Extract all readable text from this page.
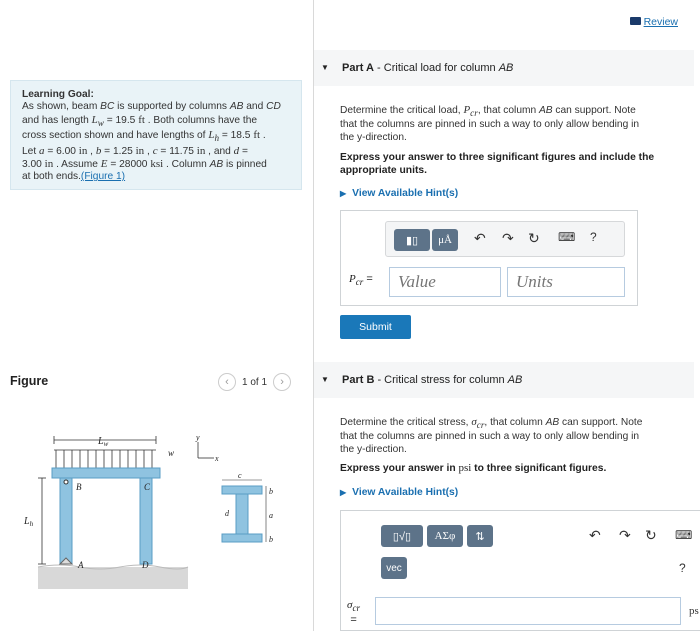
Learning Goal:
As shown, beam BC is supported by columns AB and CD
and has length $L_w = 19.5$ ft . Both columns have the
cross section shown and have lengths of $L_h = 18.5$ ft .
Let a = 6.00 in , b = 1.25 in , c = 11.75 in , and d =
3.00 in . Assume E = 28000 ksi . Column AB is pinned
at both ends.(Figure 1)
Figure	‹ 1 of 1 ›
$L_w$
w
B	C
A	D
$L_h$
y
x
c
d
b
a
b
Review
▼ Part A - Critical load for column AB
Determine the critical load, $P_{cr}$, that column AB can support. Note
that the columns are pinned in such a way to only allow bending in
the y-direction.
Express your answer to three significant figures and include the appropriate units.
▶ View Available Hint(s)
▮▯ μÅ ↶ ↷ ↻ ⌨ ?
$P_{cr}$ =
Value
Units
Submit
▼ Part B - Critical stress for column AB
Determine the critical stress, $\sigma_{cr}$, that column AB can support. Note
that the columns are pinned in such a way to only allow bending in
the y-direction.
Express your answer in psi to three significant figures.
▶ View Available Hint(s)
▯√▯	ΑΣφ	⇅
vec
↶ ↷ ↻ ⌨
?
$\sigma_{cr}$
=
ps
